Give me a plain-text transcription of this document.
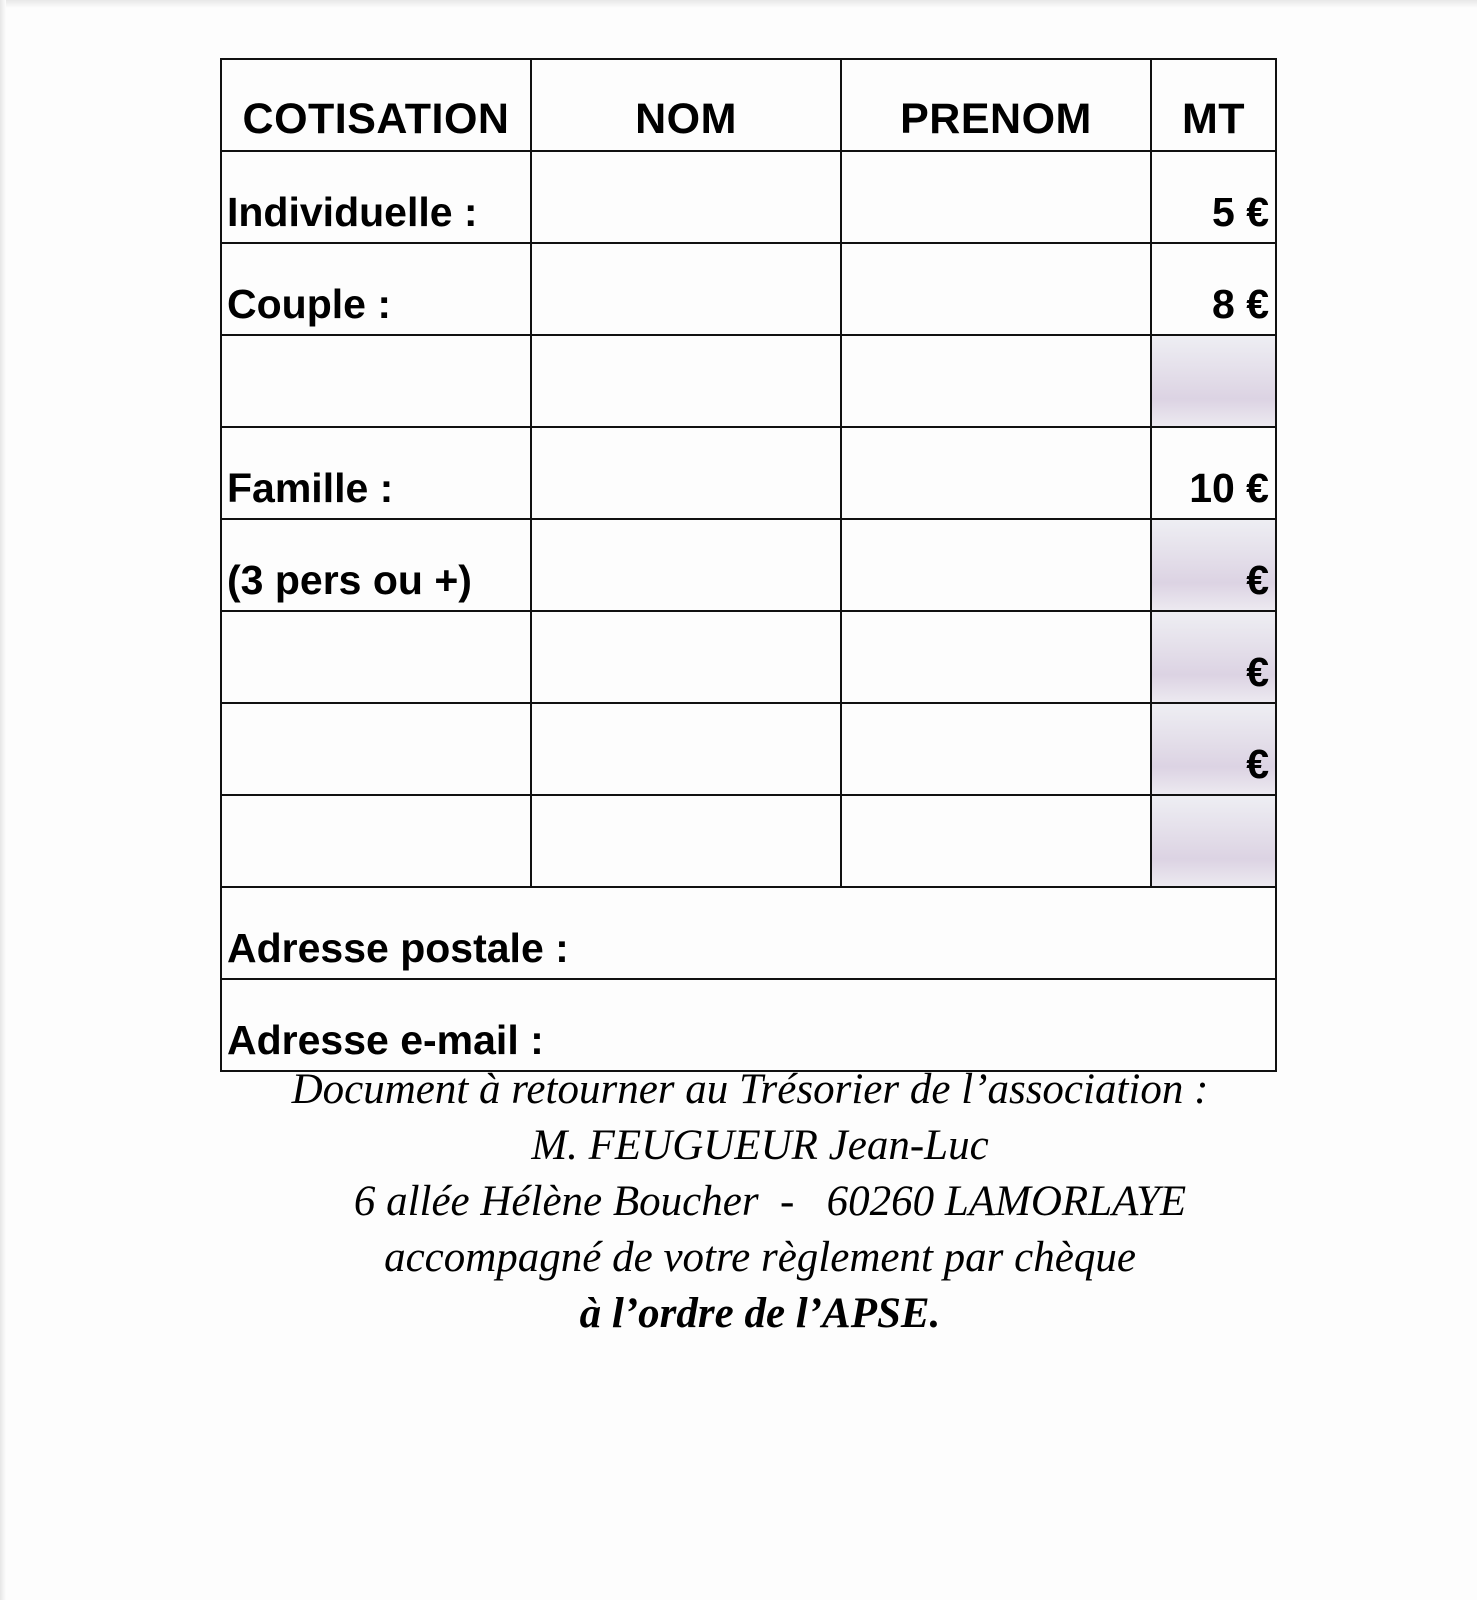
COTISATION	NOM	PRENOM	MT
Individuelle :			5 €
Couple :			8 €

Famille :			10 €
(3 pers ou +)			€
			€
			€

Adresse postale :			
Adresse e-mail :			
Document à retourner au Trésorier de l’association :
M. FEUGUEUR Jean-Luc
6 allée Hélène Boucher  -   60260 LAMORLAYE
accompagné de votre règlement par chèque
à l’ordre de l’APSE.
